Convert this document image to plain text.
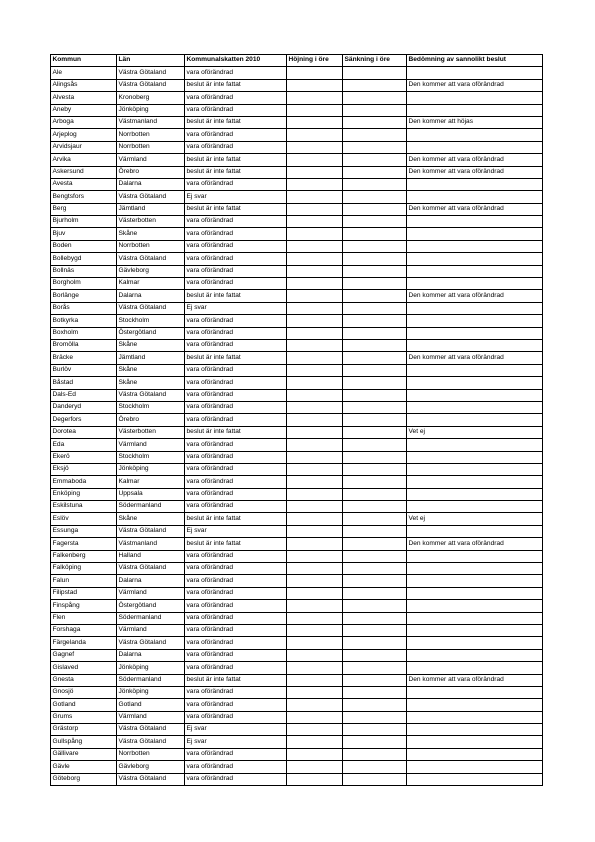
Kommun	Län	Kommunalskatten 2010	Höjning i öre	Sänkning i öre	Bedömning av sannolikt beslut
Ale	Västra Götaland	vara oförändrad			
Alingsås	Västra Götaland	beslut är inte fattat			Den kommer att vara oförändrad
Alvesta	Kronoberg	vara oförändrad			
Aneby	Jönköping	vara oförändrad			
Arboga	Västmanland	beslut är inte fattat			Den kommer att höjas
Arjeplog	Norrbotten	vara oförändrad			
Arvidsjaur	Norrbotten	vara oförändrad			
Arvika	Värmland	beslut är inte fattat			Den kommer att vara oförändrad
Askersund	Örebro	beslut är inte fattat			Den kommer att vara oförändrad
Avesta	Dalarna	vara oförändrad			
Bengtsfors	Västra Götaland	Ej svar			
Berg	Jämtland	beslut är inte fattat			Den kommer att vara oförändrad
Bjurholm	Västerbotten	vara oförändrad			
Bjuv	Skåne	vara oförändrad			
Boden	Norrbotten	vara oförändrad			
Bollebygd	Västra Götaland	vara oförändrad			
Bollnäs	Gävleborg	vara oförändrad			
Borgholm	Kalmar	vara oförändrad			
Borlänge	Dalarna	beslut är inte fattat			Den kommer att vara oförändrad
Borås	Västra Götaland	Ej svar			
Botkyrka	Stockholm	vara oförändrad			
Boxholm	Östergötland	vara oförändrad			
Bromölla	Skåne	vara oförändrad			
Bräcke	Jämtland	beslut är inte fattat			Den kommer att vara oförändrad
Burlöv	Skåne	vara oförändrad			
Båstad	Skåne	vara oförändrad			
Dals-Ed	Västra Götaland	vara oförändrad			
Danderyd	Stockholm	vara oförändrad			
Degerfors	Örebro	vara oförändrad			
Dorotea	Västerbotten	beslut är inte fattat			Vet ej
Eda	Värmland	vara oförändrad			
Ekerö	Stockholm	vara oförändrad			
Eksjö	Jönköping	vara oförändrad			
Emmaboda	Kalmar	vara oförändrad			
Enköping	Uppsala	vara oförändrad			
Eskilstuna	Södermanland	vara oförändrad			
Eslöv	Skåne	beslut är inte fattat			Vet ej
Essunga	Västra Götaland	Ej svar			
Fagersta	Västmanland	beslut är inte fattat			Den kommer att vara oförändrad
Falkenberg	Halland	vara oförändrad			
Falköping	Västra Götaland	vara oförändrad			
Falun	Dalarna	vara oförändrad			
Filipstad	Värmland	vara oförändrad			
Finspång	Östergötland	vara oförändrad			
Flen	Södermanland	vara oförändrad			
Forshaga	Värmland	vara oförändrad			
Färgelanda	Västra Götaland	vara oförändrad			
Gagnef	Dalarna	vara oförändrad			
Gislaved	Jönköping	vara oförändrad			
Gnesta	Södermanland	beslut är inte fattat			Den kommer att vara oförändrad
Gnosjö	Jönköping	vara oförändrad			
Gotland	Gotland	vara oförändrad			
Grums	Värmland	vara oförändrad			
Grästorp	Västra Götaland	Ej svar			
Gullspång	Västra Götaland	Ej svar			
Gällivare	Norrbotten	vara oförändrad			
Gävle	Gävleborg	vara oförändrad			
Göteborg	Västra Götaland	vara oförändrad			
